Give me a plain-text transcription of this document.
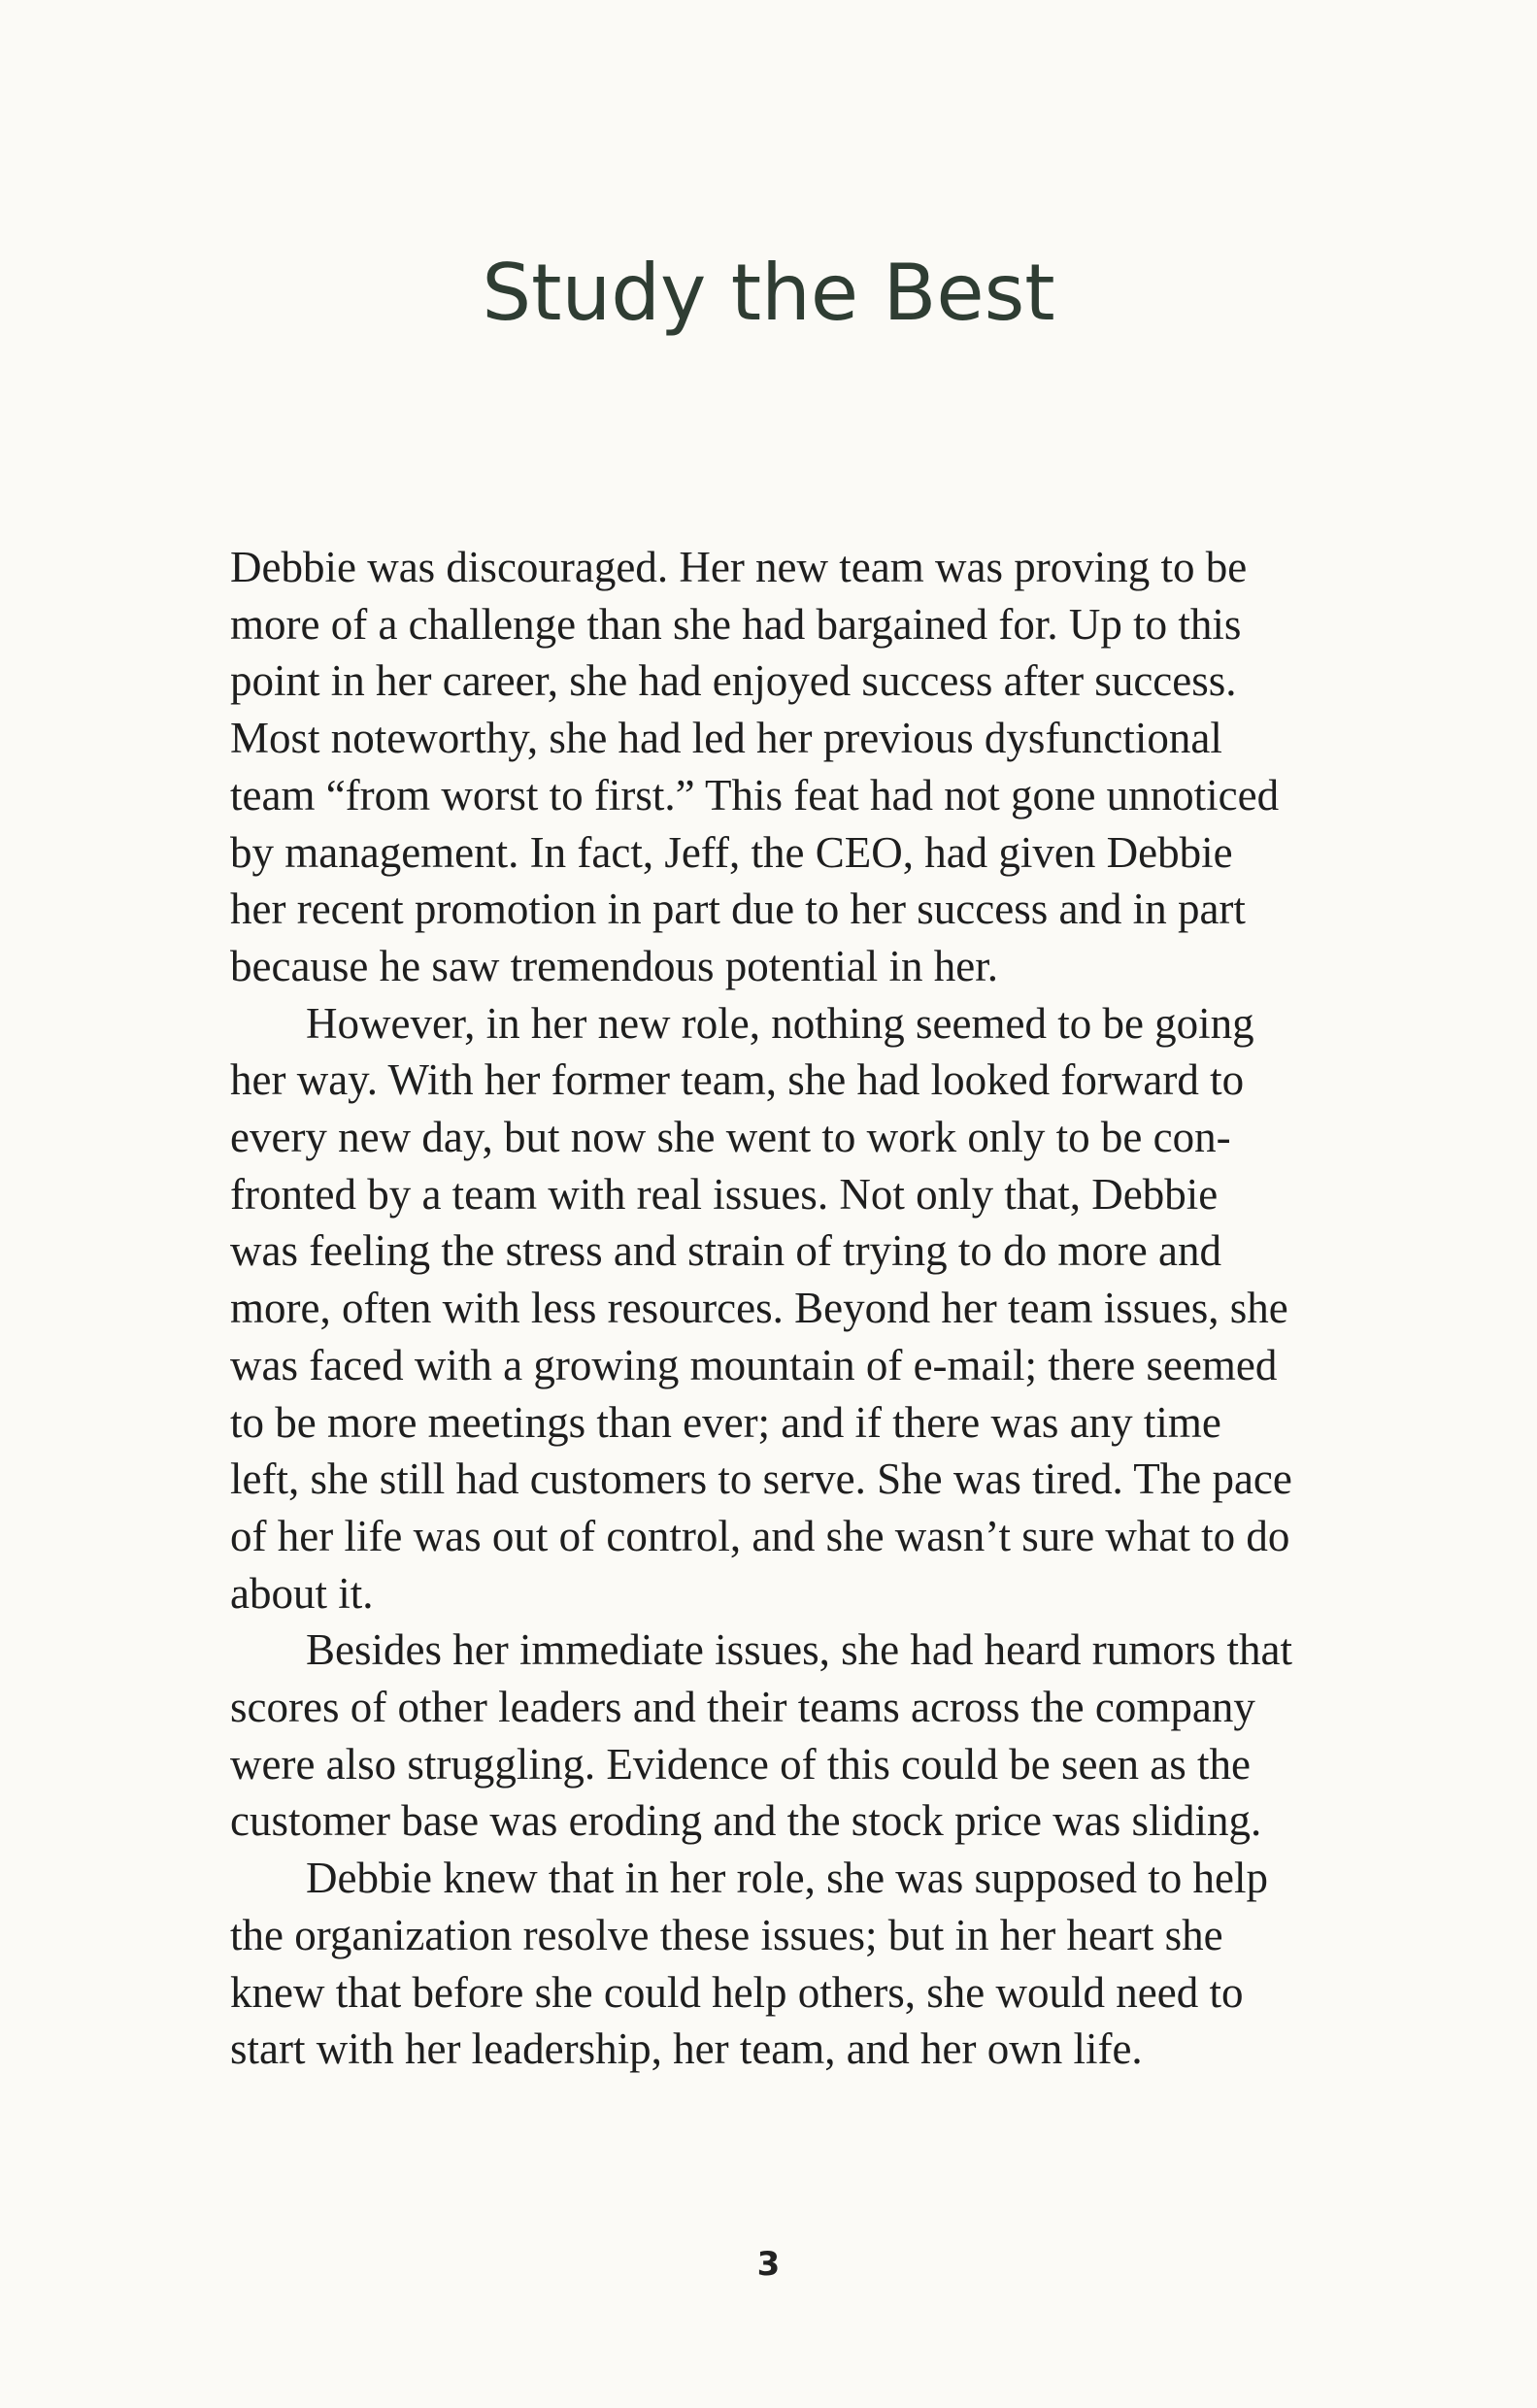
Study the Best
Debbie was discouraged. Her new team was proving to be
more of a challenge than she had bargained for. Up to this
point in her career, she had enjoyed success after success.
Most noteworthy, she had led her previous dysfunctional
team “from worst to first.” This feat had not gone unnoticed
by management. In fact, Jeff, the CEO, had given Debbie
her recent promotion in part due to her success and in part
because he saw tremendous potential in her.
However, in her new role, nothing seemed to be going
her way. With her former team, she had looked forward to
every new day, but now she went to work only to be con-
fronted by a team with real issues. Not only that, Debbie
was feeling the stress and strain of trying to do more and
more, often with less resources. Beyond her team issues, she
was faced with a growing mountain of e-mail; there seemed
to be more meetings than ever; and if there was any time
left, she still had customers to serve. She was tired. The pace
of her life was out of control, and she wasn’t sure what to do
about it.
Besides her immediate issues, she had heard rumors that
scores of other leaders and their teams across the company
were also struggling. Evidence of this could be seen as the
customer base was eroding and the stock price was sliding.
Debbie knew that in her role, she was supposed to help
the organization resolve these issues; but in her heart she
knew that before she could help others, she would need to
start with her leadership, her team, and her own life.
3
